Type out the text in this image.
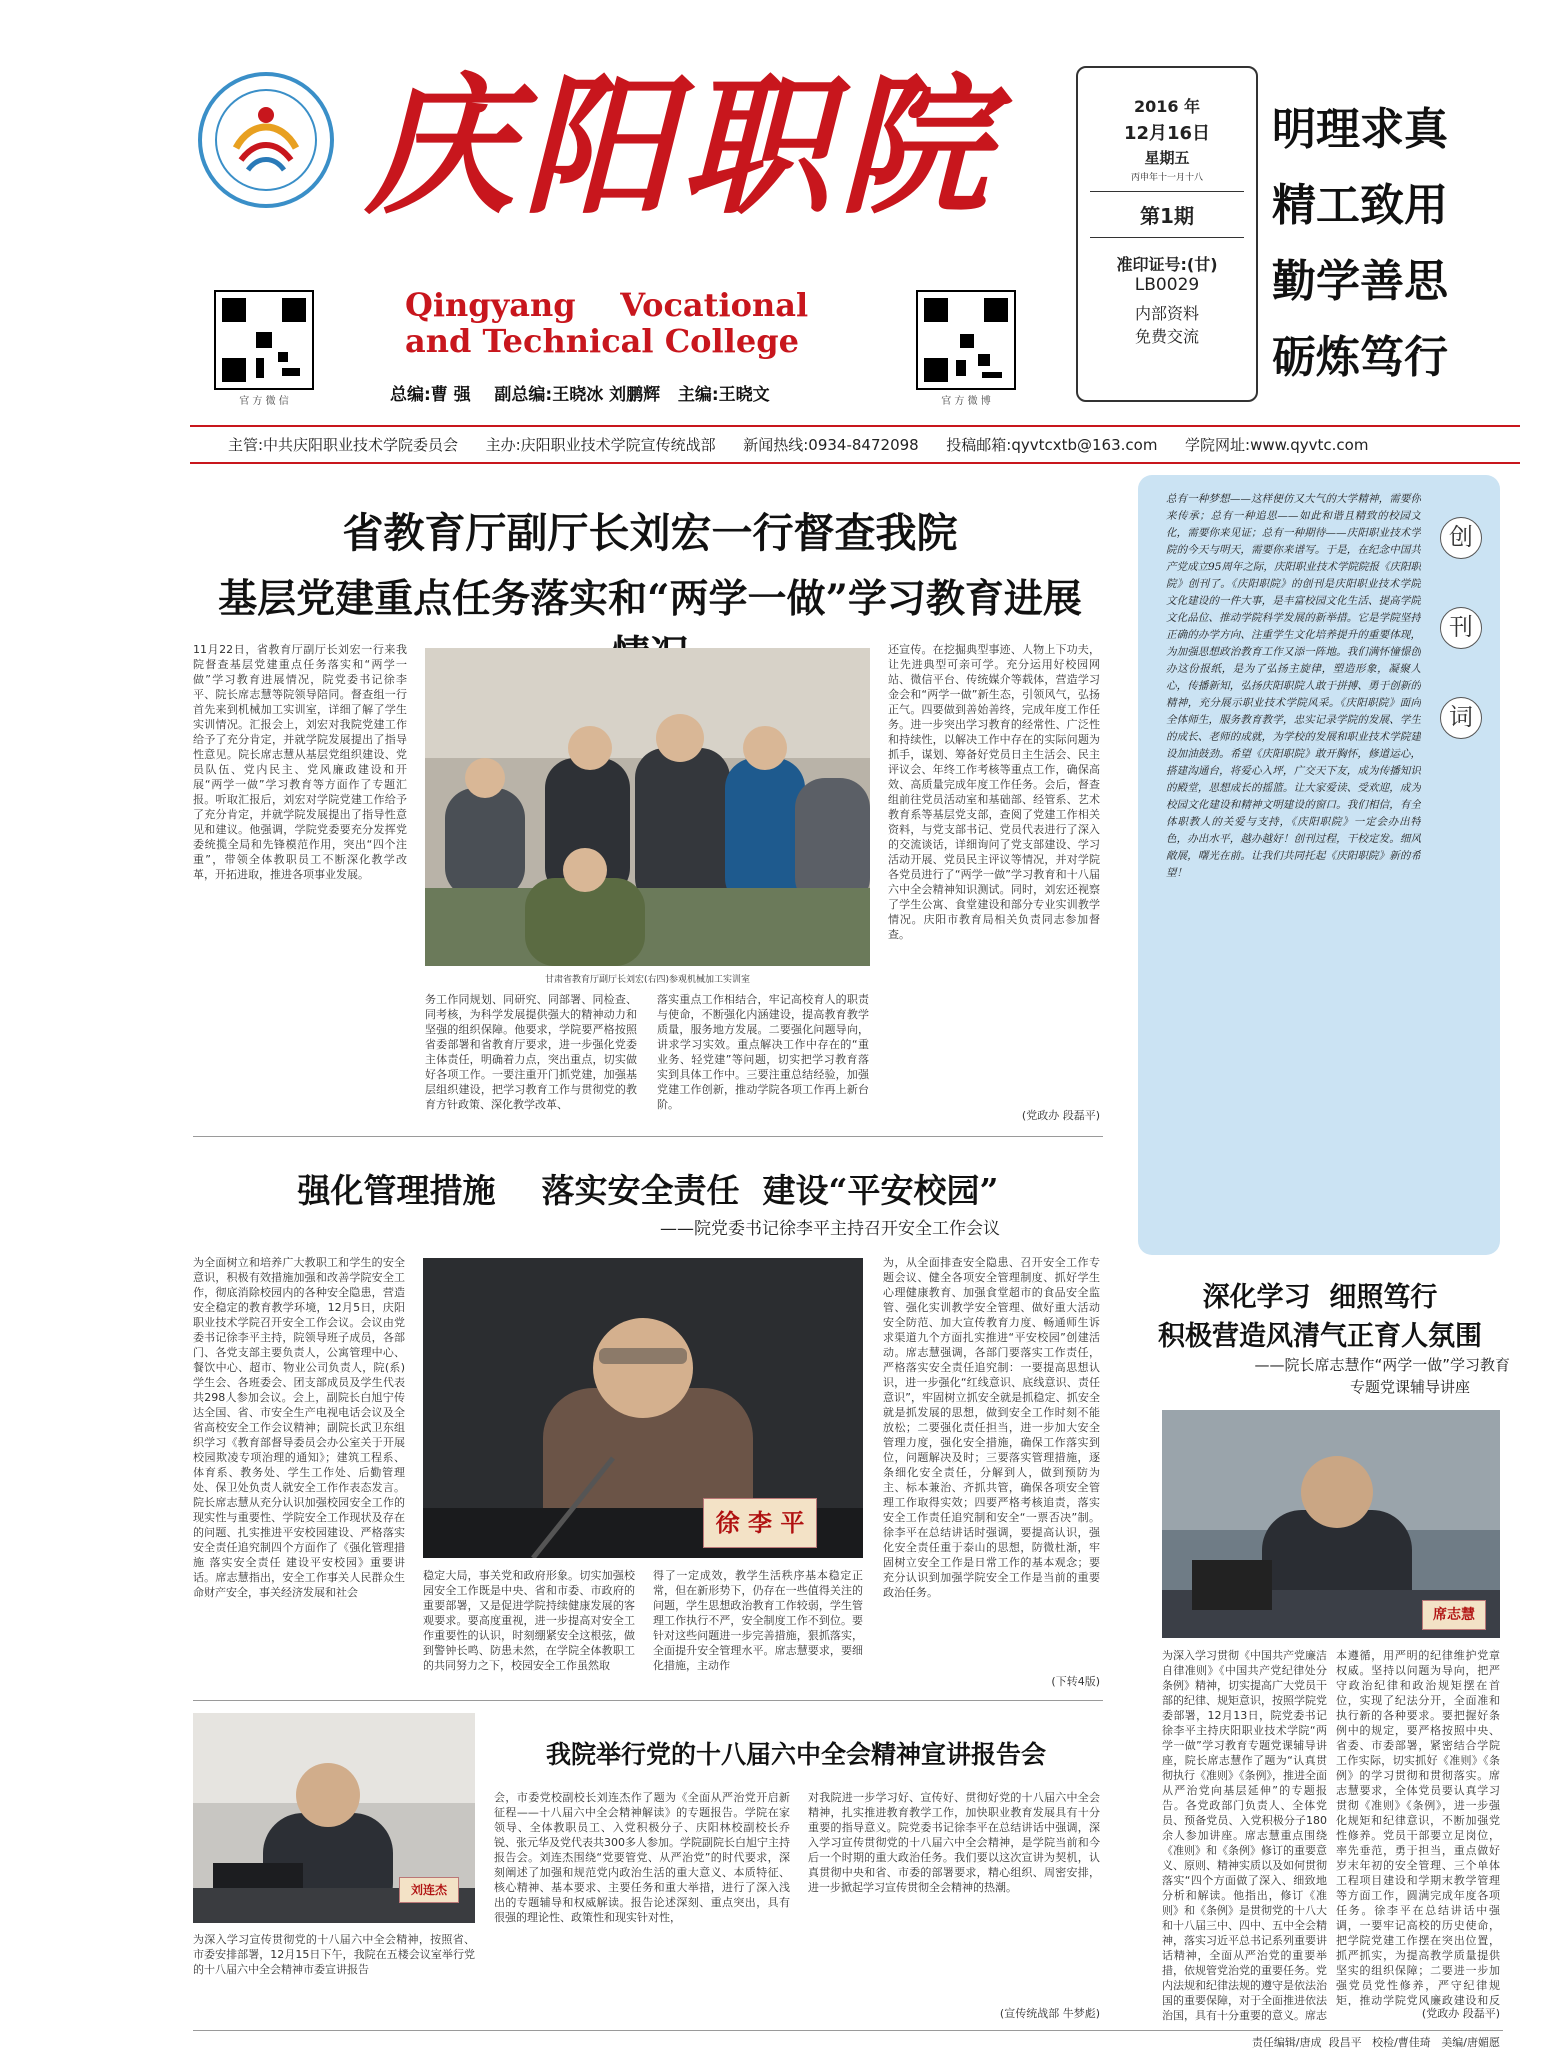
庆阳职院
官 方 微 信	官 方 微 博
Qingyang    Vocational
and Technical College
总编:曹 强    副总编:王晓冰 刘鹏辉   主编:王晓文
2016 年
12月16日
星期五
丙申年十一月十八
第1期
准印证号:(甘)
LB0029
内部资料
免费交流
明理求真
精工致用
勤学善思
砺炼笃行
主管:中共庆阳职业技术学院委员会 主办:庆阳职业技术学院宣传统战部 新闻热线:0934-8472098 投稿邮箱:qyvtcxtb@163.com 学院网址:www.qyvtc.com
省教育厅副厅长刘宏一行督查我院
基层党建重点任务落实和“两学一做”学习教育进展
11月22日，省教育厅副厅长刘宏一行来我院督查基层党建重点任务落实和“两学一做”学习教育进展情况，院党委书记徐李平、院长席志慧等院领导陪同。督查组一行首先来到机械加工实训室，详细了解了学生实训情况。汇报会上，刘宏对我院党建工作给予了充分肯定，并就学院发展提出了指导性意见。院长席志慧从基层党组织建设、党员队伍、党内民主、党风廉政建设和开展“两学一做”学习教育等方面作了专题汇报。听取汇报后，刘宏对学院党建工作给予了充分肯定，并就学院发展提出了指导性意见和建议。他强调，学院党委要充分发挥党委统揽全局和先锋模范作用，突出“四个注重”，带领全体教职员工不断深化教学改革，开拓进取，推进各项事业发展。
甘肃省教育厅副厅长刘宏(右四)参观机械加工实训室
务工作同规划、同研究、同部署、同检查、同考核，为科学发展提供强大的精神动力和坚强的组织保障。他要求，学院要严格按照省委部署和省教育厅要求，进一步强化党委主体责任，明确着力点，突出重点，切实做好各项工作。一要注重开门抓党建，加强基层组织建设，把学习教育工作与贯彻党的教育方针政策、深化教学改革、
落实重点工作相结合，牢记高校育人的职责与使命，不断强化内涵建设，提高教育教学质量，服务地方发展。二要强化问题导向，讲求学习实效。重点解决工作中存在的“重业务、轻党建”等问题，切实把学习教育落实到具体工作中。三要注重总结经验，加强党建工作创新，推动学院各项工作再上新台阶。
还宣传。在挖掘典型事迹、人物上下功夫，让先进典型可亲可学。充分运用好校园网站、微信平台、传统媒介等载体，营造学习金会和“两学一做”新生态，引领风气，弘扬正气。四要做到善始善终，完成年度工作任务。进一步突出学习教育的经常性、广泛性和持续性，以解决工作中存在的实际问题为抓手，谋划、筹备好党员日主生活会、民主评议会、年终工作考核等重点工作，确保高效、高质量完成年度工作任务。会后，督查组前往党员活动室和基础部、经管系、艺术教育系等基层党支部，查阅了党建工作相关资料，与党支部书记、党员代表进行了深入的交流谈话，详细询问了党支部建设、学习活动开展、党员民主评议等情况，并对学院各党员进行了“两学一做”学习教育和十八届六中全会精神知识测试。同时，刘宏还视察了学生公寓、食堂建设和部分专业实训教学情况。庆阳市教育局相关负责同志参加督查。
(党政办 段磊平)
总有一种梦想——这样便仿又大气的大学精神，需要你来传承；总有一种追思——如此和谐且精致的校园文化，需要你来见证；总有一种期待——庆阳职业技术学院的今天与明天，需要你来谱写。于是，在纪念中国共产党成立95周年之际，庆阳职业技术学院院报《庆阳职院》创刊了。《庆阳职院》的创刊是庆阳职业技术学院文化建设的一件大事，是丰富校园文化生活、提高学院文化品位、推动学院科学发展的新举措。它是学院坚持正确的办学方向、注重学生文化培养提升的重要体现，为加强思想政治教育工作又添一阵地。我们满怀憧憬创办这份报纸，是为了弘扬主旋律，塑造形象，凝聚人心，传播新知，弘扬庆阳职院人敢于拼搏、勇于创新的精神，充分展示职业技术学院风采。《庆阳职院》面向全体师生，服务教育教学，忠实记录学院的发展、学生的成长、老师的成就，为学校的发展和职业技术学院建设加油鼓劲。希望《庆阳职院》敢开胸怀，修道运心，搭建沟通台，将爱心入坪，广交天下友，成为传播知识的殿堂，思想成长的摇篮。让大家爱读、受欢迎，成为校园文化建设和精神文明建设的窗口。我们相信，有全体职教人的关爱与支持，《庆阳职院》一定会办出特色，办出水平，越办越好！创刊过程，干校定发。细风敞展，曙光在前。让我们共同托起《庆阳职院》新的希望！
创
刊
词
深化学习  细照笃行
积极营造风清气正育人氛围
——院长席志慧作“两学一做”学习教育
专题党课辅导讲座
席志慧
为深入学习贯彻《中国共产党廉洁自律准则》《中国共产党纪律处分条例》精神，切实提高广大党员干部的纪律、规矩意识，按照学院党委部署，12月13日，院党委书记徐李平主持庆阳职业技术学院“两学一做”学习教育专题党课辅导讲座，院长席志慧作了题为“认真贯彻执行《准则》《条例》，推进全面从严治党向基层延伸”的专题报告。各党政部门负责人、全体党员、预备党员、入党积极分子180余人参加讲座。席志慧重点围绕《准则》和《条例》修订的重要意义、原则、精神实质以及如何贯彻落实“四个方面做了深入、细致地分析和解读。他指出，修订《准则》和《条例》是贯彻党的十八大和十八届三中、四中、五中全会精神，落实习近平总书记系列重要讲话精神，全面从严治党的重要举措，依规管党治党的重要任务。党内法规和纪律法规的遵守是依法治国的重要保障，对于全面推进依法治国，具有十分重要的意义。席志
本遵循，用严明的纪律维护党章权威。坚持以问题为导向，把严守政治纪律和政治规矩摆在首位，实现了纪法分开，全面准和执行新的各种要求。要把握好条例中的规定，要严格按照中央、省委、市委部署，紧密结合学院工作实际，切实抓好《准则》《条例》的学习贯彻和贯彻落实。席志慧要求，全体党员要认真学习贯彻《准则》《条例》，进一步强化规矩和纪律意识，不断加强党性修养。党员干部要立足岗位，率先垂范，勇于担当，重点做好岁末年初的安全管理、三个单体工程项目建设和学期末教学管理等方面工作，圆满完成年度各项任务。徐李平在总结讲话中强调，一要牢记高校的历史使命，把学院党建工作摆在突出位置，抓严抓实，为提高教学质量提供坚实的组织保障；二要进一步加强党员党性修养，严守纪律规矩，推动学院党风廉政建设和反
(党政办 段磊平)
强化管理措施    落实安全责任  建设“平安校园”
——院党委书记徐李平主持召开安全工作会议
为全面树立和培养广大教职工和学生的安全意识，积极有效措施加强和改善学院安全工作，彻底消除校园内的各种安全隐患，营造安全稳定的教育教学环境，12月5日，庆阳职业技术学院召开安全工作会议。会议由党委书记徐李平主持，院领导班子成员，各部门、各党支部主要负责人，公寓管理中心、餐饮中心、超市、物业公司负责人，院(系)学生会、各班委会、团支部成员及学生代表共298人参加会议。会上，副院长白旭宁传达全国、省、市安全生产电视电话会议及全省高校安全工作会议精神；副院长武卫东组织学习《教育部督导委员会办公室关于开展校园欺凌专项治理的通知》；建筑工程系、体育系、教务处、学生工作处、后勤管理处、保卫处负责人就安全工作作表态发言。院长席志慧从充分认识加强校园安全工作的现实性与重要性、学院安全工作现状及存在的问题、扎实推进平安校园建设、严格落实安全责任追究制四个方面作了《强化管理措施 落实安全责任 建设平安校园》重要讲话。席志慧指出，安全工作事关人民群众生命财产安全，事关经济发展和社会
徐 李 平
稳定大局，事关党和政府形象。切实加强校园安全工作既是中央、省和市委、市政府的重要部署，又是促进学院持续健康发展的客观要求。要高度重视，进一步提高对安全工作重要性的认识，时刻绷紧安全这根弦，做到警钟长鸣、防患未然，在学院全体教职工的共同努力之下，校园安全工作虽然取
得了一定成效，教学生活秩序基本稳定正常，但在新形势下，仍存在一些值得关注的问题，学生思想政治教育工作较弱，学生管理工作执行不严，安全制度工作不到位。要针对这些问题进一步完善措施，狠抓落实，全面提升安全管理水平。席志慧要求，要细化措施，主动作
为，从全面排查安全隐患、召开安全工作专题会议、健全各项安全管理制度、抓好学生心理健康教育、加强食堂超市的食品安全监管、强化实训教学安全管理、做好重大活动安全防范、加大宣传教育力度、畅通师生诉求渠道九个方面扎实推进“平安校园”创建活动。席志慧强调，各部门要落实工作责任，严格落实安全责任追究制：一要提高思想认识，进一步强化“红线意识、底线意识、责任意识”，牢固树立抓安全就是抓稳定、抓安全就是抓发展的思想，做到安全工作时刻不能放松；二要强化责任担当，进一步加大安全管理力度，强化安全措施，确保工作落实到位，问题解决及时；三要落实管理措施，逐条细化安全责任，分解到人，做到预防为主、标本兼治、齐抓共管，确保各项安全管理工作取得实效；四要严格考核追责，落实安全工作责任追究制和安全“一票否决”制。徐李平在总结讲话时强调，要提高认识，强化安全责任重于泰山的思想，防微杜渐，牢固树立安全工作是日常工作的基本观念；要充分认识到加强学院安全工作是当前的重要政治任务。
(下转4版)
刘连杰
我院举行党的十八届六中全会精神宣讲报告会
为深入学习宣传贯彻党的十八届六中全会精神，按照省、市委安排部署，12月15日下午，我院在五楼会议室举行党的十八届六中全会精神市委宣讲报告
会，市委党校副校长刘连杰作了题为《全面从严治党开启新征程——十八届六中全会精神解读》的专题报告。学院在家领导、全体教职员工、入党积极分子、庆阳林校副校长乔锐、张元华及党代表共300多人参加。学院副院长白旭宁主持报告会。刘连杰围绕“党要管党、从严治党”的时代要求，深刻阐述了加强和规范党内政治生活的重大意义、本质特征、核心精神、基本要求、主要任务和重大举措，进行了深入浅出的专题辅导和权威解读。报告论述深刻、重点突出，具有很强的理论性、政策性和现实针对性，
对我院进一步学习好、宣传好、贯彻好党的十八届六中全会精神，扎实推进教育教学工作，加快职业教育发展具有十分重要的指导意义。院党委书记徐李平在总结讲话中强调，深入学习宣传贯彻党的十八届六中全会精神，是学院当前和今后一个时期的重大政治任务。我们要以这次宣讲为契机，认真贯彻中央和省、市委的部署要求，精心组织、周密安排，进一步掀起学习宣传贯彻全会精神的热潮。
(宣传统战部 牛梦彪)
责任编辑/唐成  段昌平   校检/曹佳琦   美编/唐媚愿
